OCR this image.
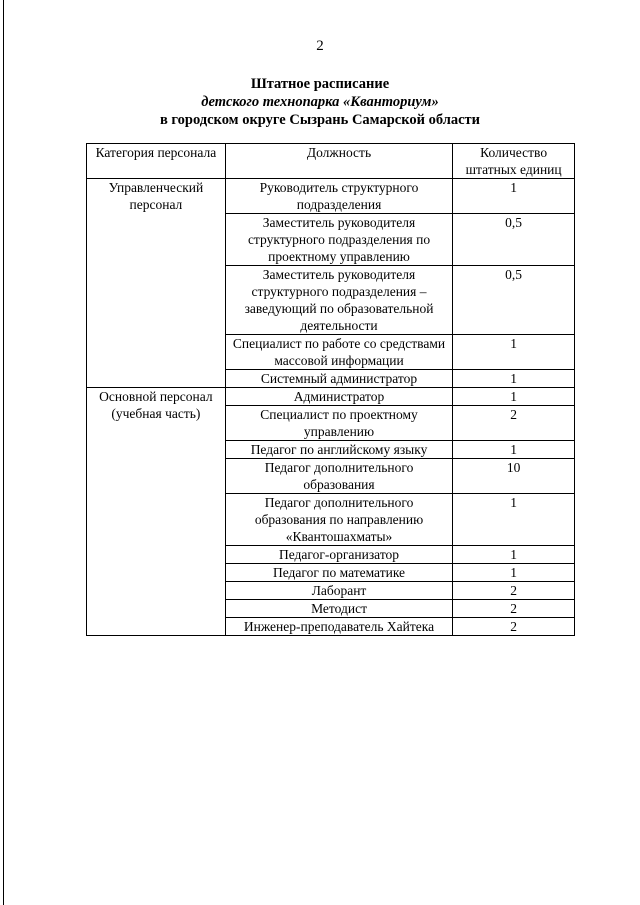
2
Штатное расписание
детского технопарка «Кванториум»
в городском округе Сызрань Самарской области
Категория персонала	Должность	Количество штатных единиц
Управленческий персонал	Руководитель структурного подразделения	1
	Заместитель руководителя структурного подразделения по проектному управлению	0,5
	Заместитель руководителя структурного подразделения – заведующий по образовательной деятельности	0,5
	Специалист по работе со средствами массовой информации	1
	Системный администратор	1
Основной персонал (учебная часть)	Администратор	1
	Специалист по проектному управлению	2
	Педагог по английскому языку	1
	Педагог дополнительного образования	10
	Педагог дополнительного образования по направлению «Квантошахматы»	1
	Педагог-организатор	1
	Педагог по математике	1
	Лаборант	2
	Методист	2
	Инженер-преподаватель Хайтека	2
